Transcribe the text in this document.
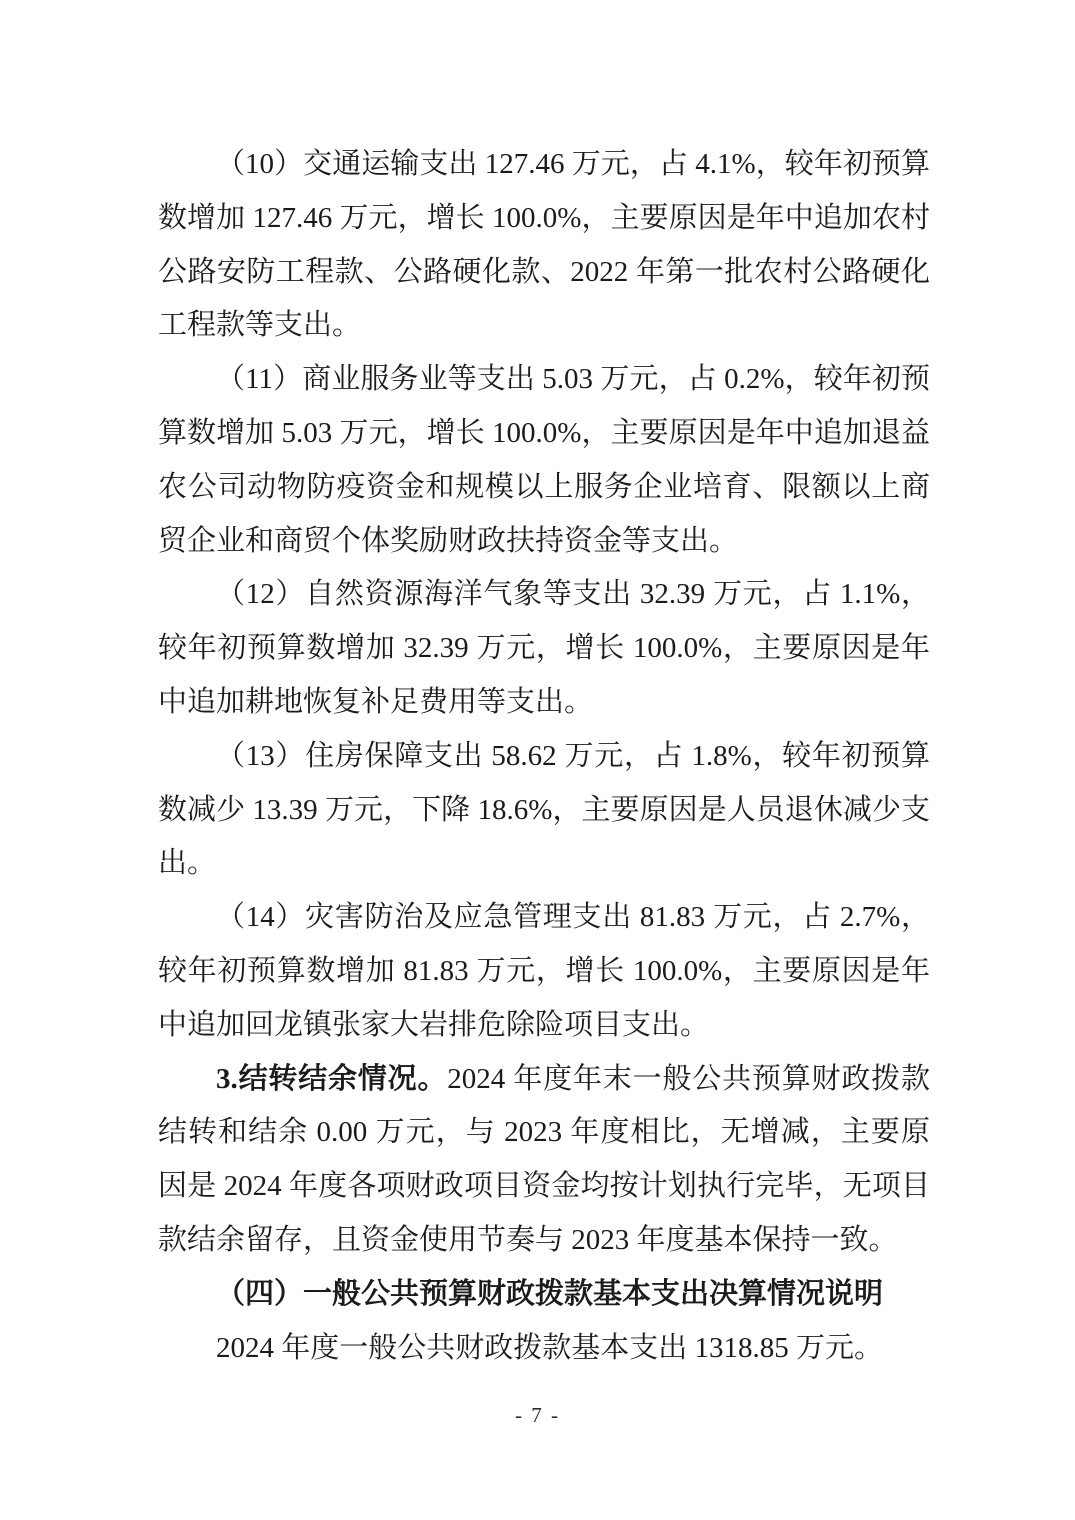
（10）交通运输支出 127.46 万元，占 4.1%，较年初预算数增加 127.46 万元，增长 100.0%，主要原因是年中追加农村公路安防工程款、公路硬化款、2022 年第一批农村公路硬化工程款等支出。

（11）商业服务业等支出 5.03 万元，占 0.2%，较年初预算数增加 5.03 万元，增长 100.0%，主要原因是年中追加退益农公司动物防疫资金和规模以上服务企业培育、限额以上商贸企业和商贸个体奖励财政扶持资金等支出。

（12）自然资源海洋气象等支出 32.39 万元，占 1.1%，较年初预算数增加 32.39 万元，增长 100.0%，主要原因是年中追加耕地恢复补足费用等支出。

（13）住房保障支出 58.62 万元，占 1.8%，较年初预算数减少 13.39 万元，下降 18.6%，主要原因是人员退休减少支出。

（14）灾害防治及应急管理支出 81.83 万元，占 2.7%，较年初预算数增加 81.83 万元，增长 100.0%，主要原因是年中追加回龙镇张家大岩排危除险项目支出。

3.结转结余情况。2024 年度年末一般公共预算财政拨款结转和结余 0.00 万元，与 2023 年度相比，无增减，主要原因是 2024 年度各项财政项目资金均按计划执行完毕，无项目款结余留存，且资金使用节奏与 2023 年度基本保持一致。

（四）一般公共预算财政拨款基本支出决算情况说明

2024 年度一般公共财政拨款基本支出 1318.85 万元。

- 7 -
